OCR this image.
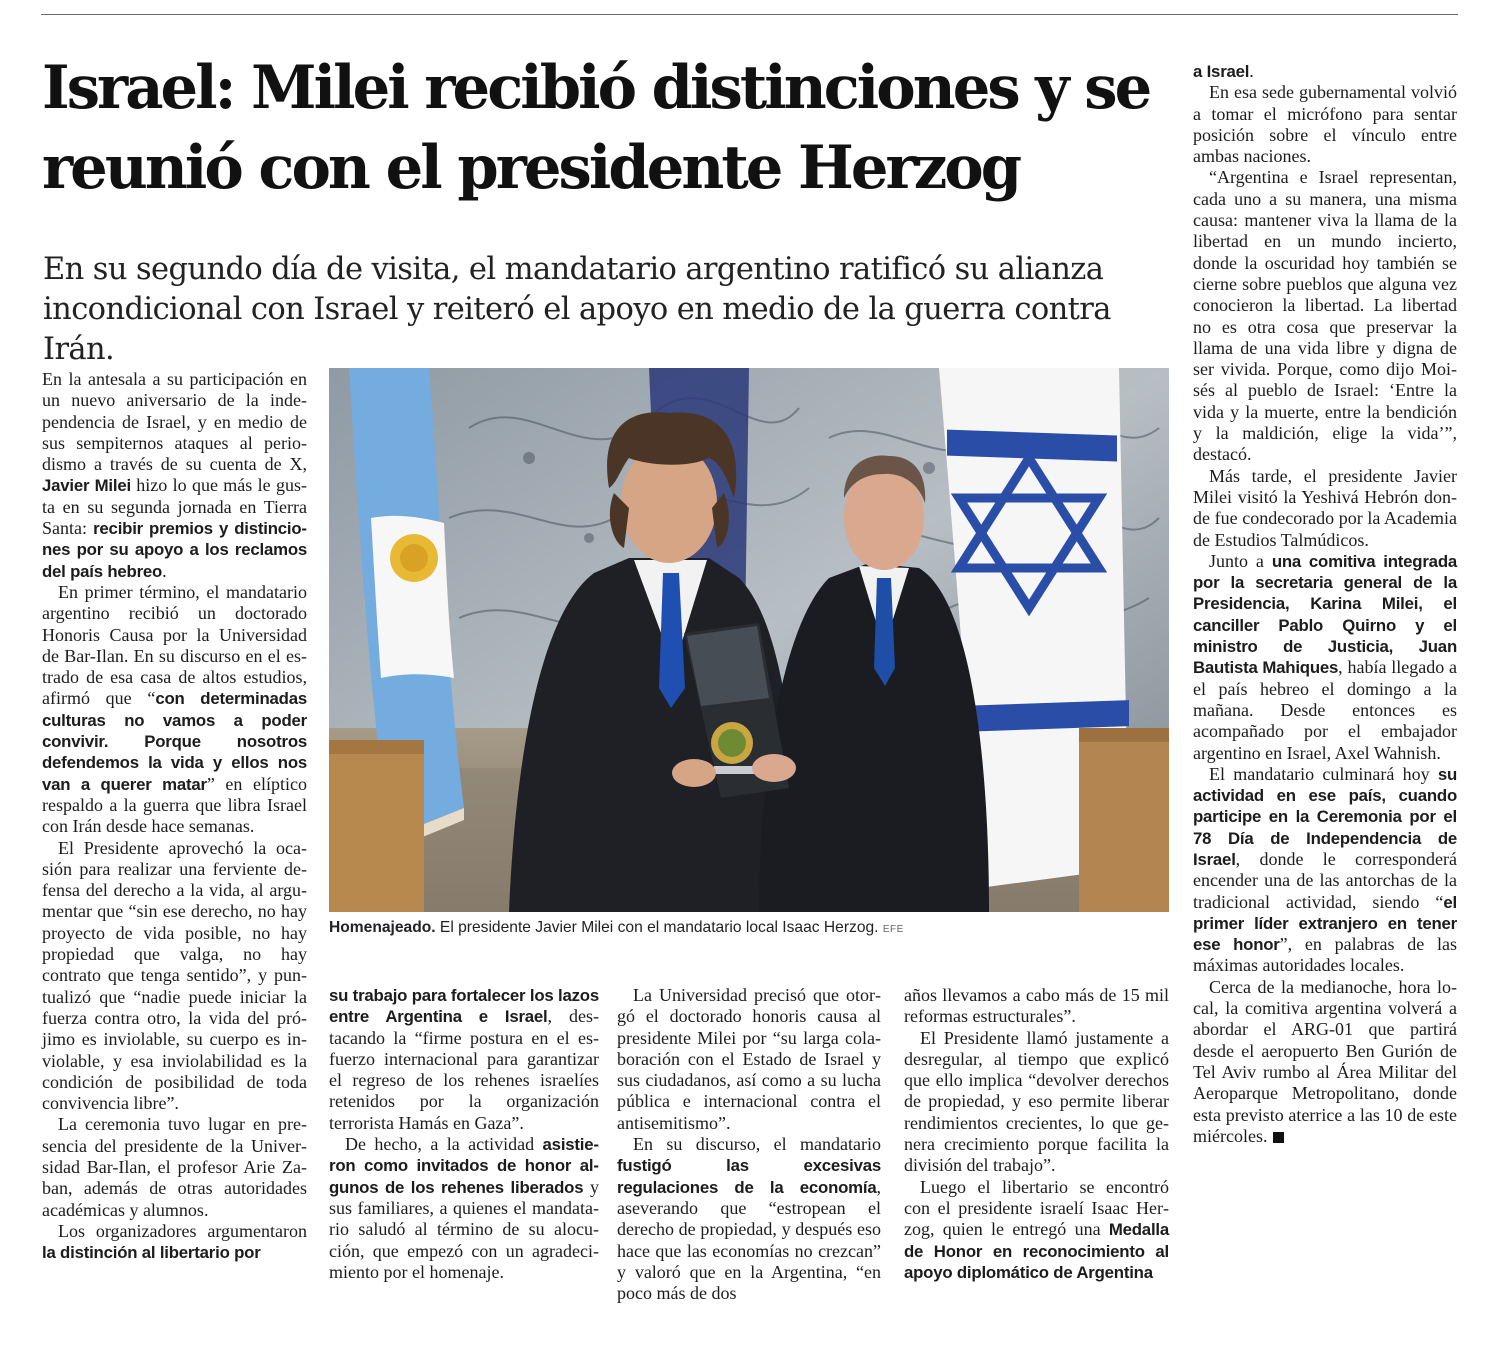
Israel: Milei recibió distinciones y se reunió con el presidente Herzog

En su segundo día de visita, el mandatario argentino ratificó su alianza incondicional con Israel y reiteró el apoyo en medio de la guerra contra Irán.

En la antesala a su participación en un nuevo aniversario de la independencia de Israel, y en medio de sus sempiternos ataques al periodismo a través de su cuenta de X, Javier Milei hizo lo que más le gusta en su segunda jornada en Tierra Santa: recibir premios y distinciones por su apoyo a los reclamos del país hebreo.

En primer término, el mandatario argentino recibió un doctorado Honoris Causa por la Universidad de Bar-Ilan. En su discurso en el estrado de esa casa de altos estudios, afirmó que “con determinadas culturas no vamos a poder convivir. Porque nosotros defendemos la vida y ellos nos van a querer matar” en elíptico respaldo a la guerra que libra Israel con Irán desde hace semanas.

El Presidente aprovechó la ocasión para realizar una ferviente defensa del derecho a la vida, al argumentar que “sin ese derecho, no hay proyecto de vida posible, no hay propiedad que valga, no hay contrato que tenga sentido”, y puntualizó que “nadie puede iniciar la fuerza contra otro, la vida del prójimo es inviolable, su cuerpo es inviolable, y esa inviolabilidad es la condición de posibilidad de toda convivencia libre”.

La ceremonia tuvo lugar en presencia del presidente de la Universidad Bar-Ilan, el profesor Arie Zaban, además de otras autoridades académicas y alumnos.

Los organizadores argumentaron la distinción al libertario por

Homenajeado. El presidente Javier Milei con el mandatario local Isaac Herzog. EFE

su trabajo para fortalecer los lazos entre Argentina e Israel, destacando la “firme postura en el esfuerzo internacional para garantizar el regreso de los rehenes israelíes retenidos por la organización terrorista Hamás en Gaza”.

De hecho, a la actividad asistieron como invitados de honor algunos de los rehenes liberados y sus familiares, a quienes el mandatario saludó al término de su alocución, que empezó con un agradecimiento por el homenaje.

La Universidad precisó que otorgó el doctorado honoris causa al presidente Milei por “su larga colaboración con el Estado de Israel y sus ciudadanos, así como a su lucha pública e internacional contra el antisemitismo”.

En su discurso, el mandatario fustigó las excesivas regulaciones de la economía, aseverando que “estropean el derecho de propiedad, y después eso hace que las economías no crezcan” y valoró que en la Argentina, “en poco más de dos

años llevamos a cabo más de 15 mil reformas estructurales”.

El Presidente llamó justamente a desregular, al tiempo que explicó que ello implica “devolver derechos de propiedad, y eso permite liberar rendimientos crecientes, lo que genera crecimiento porque facilita la división del trabajo”.

Luego el libertario se encontró con el presidente israelí Isaac Herzog, quien le entregó una Medalla de Honor en reconocimiento al apoyo diplomático de Argentina

a Israel.

En esa sede gubernamental volvió a tomar el micrófono para sentar posición sobre el vínculo entre ambas naciones.

“Argentina e Israel representan, cada uno a su manera, una misma causa: mantener viva la llama de la libertad en un mundo incierto, donde la oscuridad hoy también se cierne sobre pueblos que alguna vez conocieron la libertad. La libertad no es otra cosa que preservar la llama de una vida libre y digna de ser vivida. Porque, como dijo Moisés al pueblo de Israel: ‘Entre la vida y la muerte, entre la bendición y la maldición, elige la vida’”, destacó.

Más tarde, el presidente Javier Milei visitó la Yeshivá Hebrón donde fue condecorado por la Academia de Estudios Talmúdicos.

Junto a una comitiva integrada por la secretaria general de la Presidencia, Karina Milei, el canciller Pablo Quirno y el ministro de Justicia, Juan Bautista Mahiques, había llegado a el país hebreo el domingo a la mañana. Desde entonces es acompañado por el embajador argentino en Israel, Axel Wahnish.

El mandatario culminará hoy su actividad en ese país, cuando participe en la Ceremonia por el 78 Día de Independencia de Israel, donde le corresponderá encender una de las antorchas de la tradicional actividad, siendo “el primer líder extranjero en tener ese honor”, en palabras de las máximas autoridades locales.

Cerca de la medianoche, hora local, la comitiva argentina volverá a abordar el ARG-01 que partirá desde el aeropuerto Ben Gurión de Tel Aviv rumbo al Área Militar del Aeroparque Metropolitano, donde esta previsto aterrice a las 10 de este miércoles.
